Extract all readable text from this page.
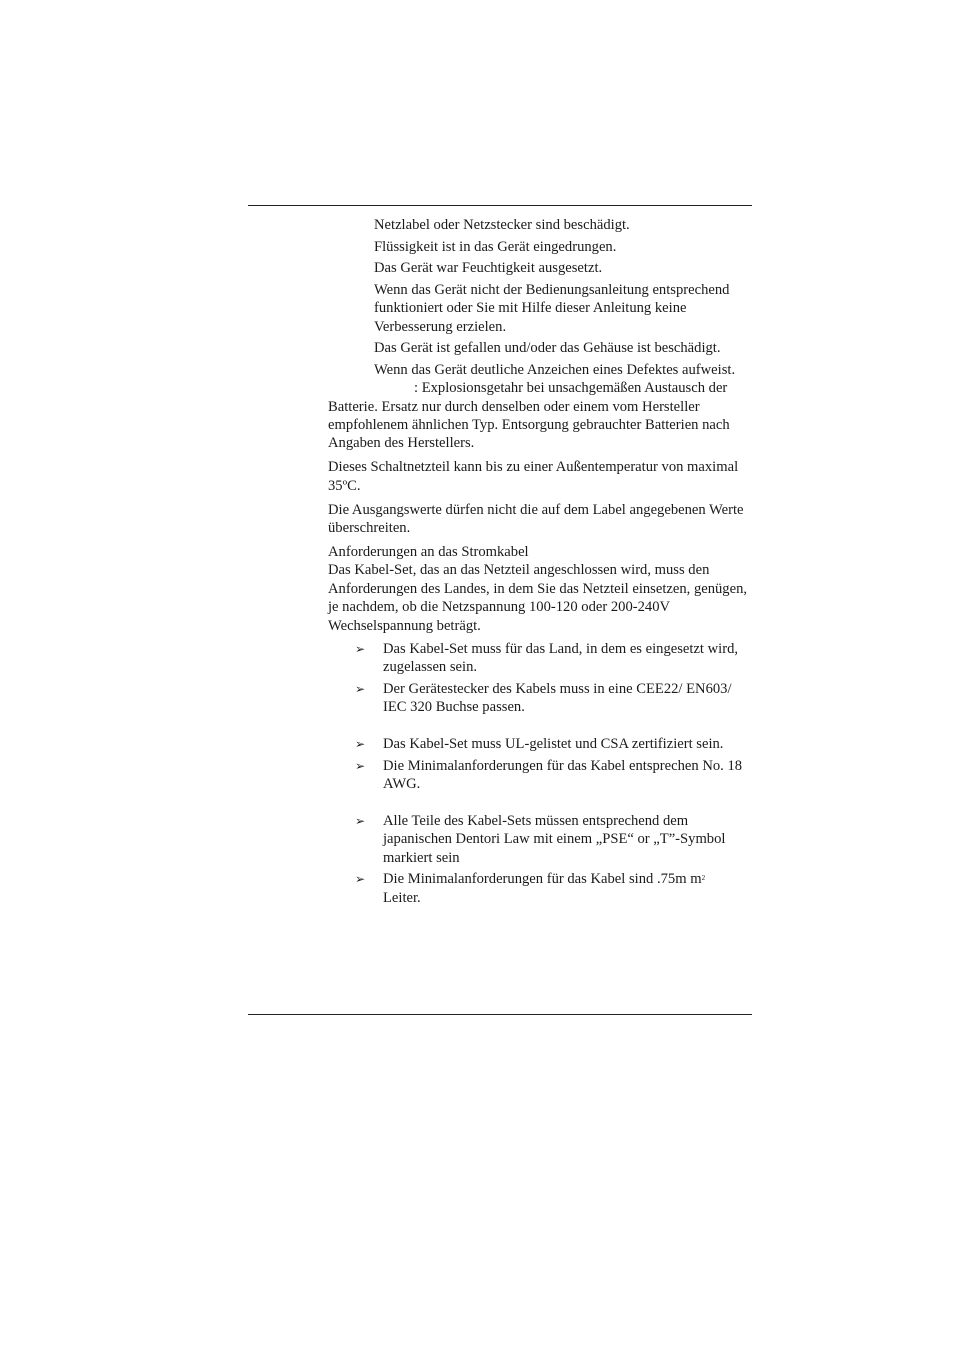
Netzlabel oder Netzstecker sind beschädigt.

Flüssigkeit ist in das Gerät eingedrungen.

Das Gerät war Feuchtigkeit ausgesetzt.

Wenn das Gerät nicht der Bedienungsanleitung entsprechend funktioniert oder Sie mit Hilfe dieser Anleitung keine Verbesserung erzielen.

Das Gerät ist gefallen und/oder das Gehäuse ist beschädigt.

Wenn das Gerät deutliche Anzeichen eines Defektes aufweist.

: Explosionsgetahr bei unsachgemäßen Austausch der Batterie. Ersatz nur durch denselben oder einem vom Hersteller empfohlenem ähnlichen Typ. Entsorgung gebrauchter Batterien nach Angaben des Herstellers.

Dieses Schaltnetzteil kann bis zu einer Außentemperatur von maximal 35ºC.

Die Ausgangswerte dürfen nicht die auf dem Label angegebenen Werte überschreiten.

Anforderungen an das Stromkabel

Das Kabel-Set, das an das Netzteil angeschlossen wird, muss den Anforderungen des Landes, in dem Sie das Netzteil einsetzen, genügen, je nachdem, ob die Netzspannung 100-120 oder 200-240V Wechselspannung beträgt.

➢ Das Kabel-Set muss für das Land, in dem es eingesetzt wird, zugelassen sein.
➢ Der Gerätestecker des Kabels muss in eine CEE22/ EN603/ IEC 320 Buchse passen.
➢ Das Kabel-Set muss UL-gelistet und CSA zertifiziert sein.
➢ Die Minimalanforderungen für das Kabel entsprechen No. 18 AWG.
➢ Alle Teile des Kabel-Sets müssen entsprechend dem japanischen Dentori Law mit einem „PSE“ or „T”-Symbol markiert sein
➢ Die Minimalanforderungen für das Kabel sind .75m $m^2$
Leiter.
